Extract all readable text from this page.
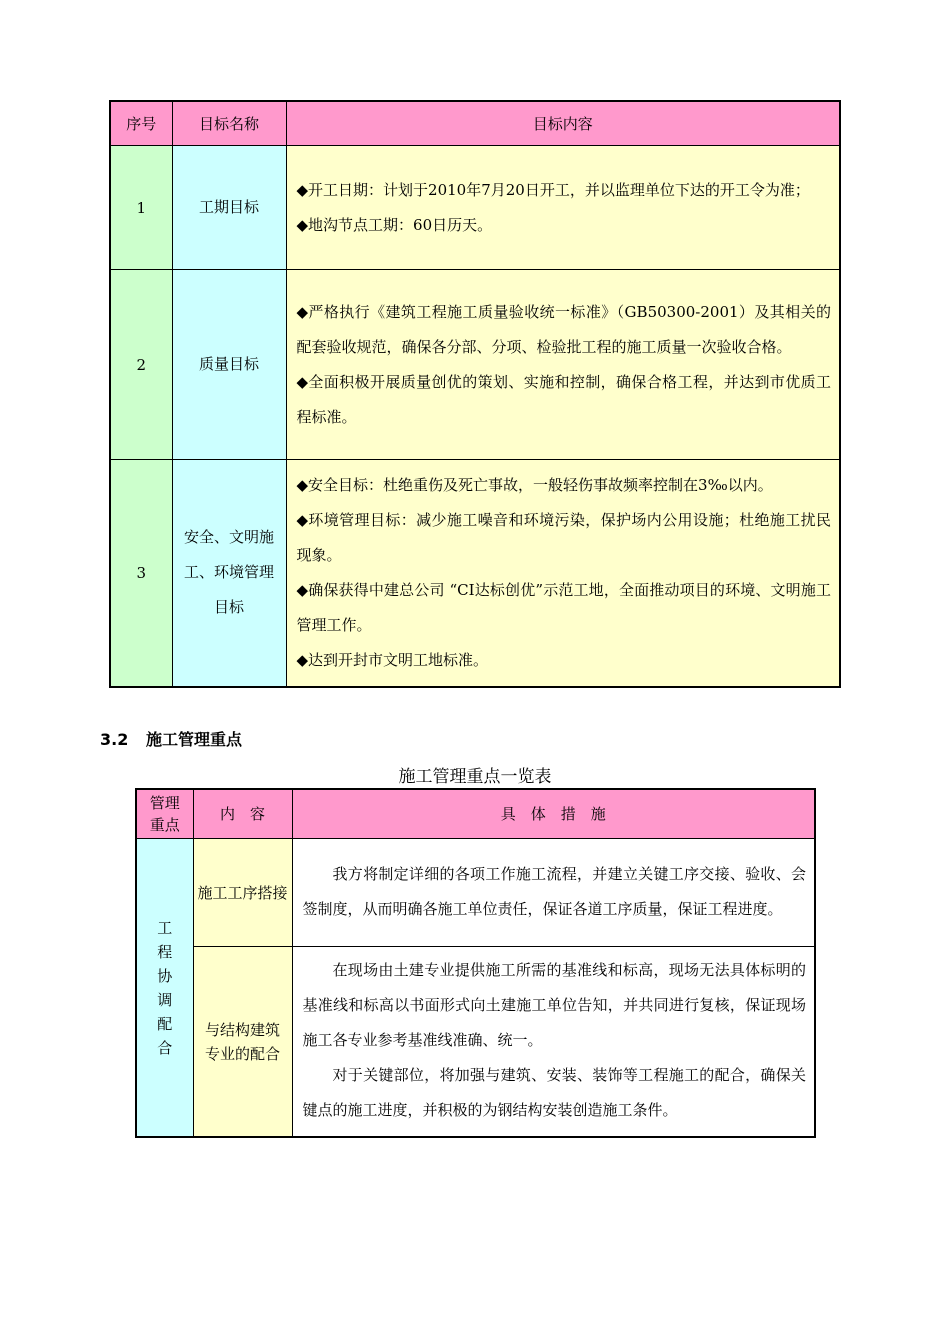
序号	目标名称	目标内容
1	工期目标	◆开工日期：计划于2010年7月20日开工，并以监理单位下达的开工令为准；

◆地沟节点工期：60日历天。

2	质量目标	◆严格执行《建筑工程施工质量验收统一标准》（GB50300-2001）及其相关的配套验收规范，确保各分部、分项、检验批工程的施工质量一次验收合格。

◆全面积极开展质量创优的策划、实施和控制，确保合格工程，并达到市优质工程标准。

3	安全、文明施工、环境管理目标	◆安全目标：杜绝重伤及死亡事故，一般轻伤事故频率控制在3‰以内。

◆环境管理目标：减少施工噪音和环境污染，保护场内公用设施；杜绝施工扰民现象。

◆确保获得中建总公司 “CI达标创优”示范工地，全面推动项目的环境、文明施工管理工作。

◆达到开封市文明工地标准。

3.2 施工管理重点
施工管理重点一览表
管理重点	内　容	具　体　措　施

工程协调配合	施工工序搭接	我方将制定详细的各项工作施工流程，并建立关键工序交接、验收、会签制度，从而明确各施工单位责任，保证各道工序质量，保证工程进度。

	与结构建筑专业的配合	在现场由土建专业提供施工所需的基准线和标高，现场无法具体标明的基准线和标高以书面形式向土建施工单位告知，并共同进行复核，保证现场施工各专业参考基准线准确、统一。

对于关键部位，将加强与建筑、安装、装饰等工程施工的配合，确保关键点的施工进度，并积极的为钢结构安装创造施工条件。
